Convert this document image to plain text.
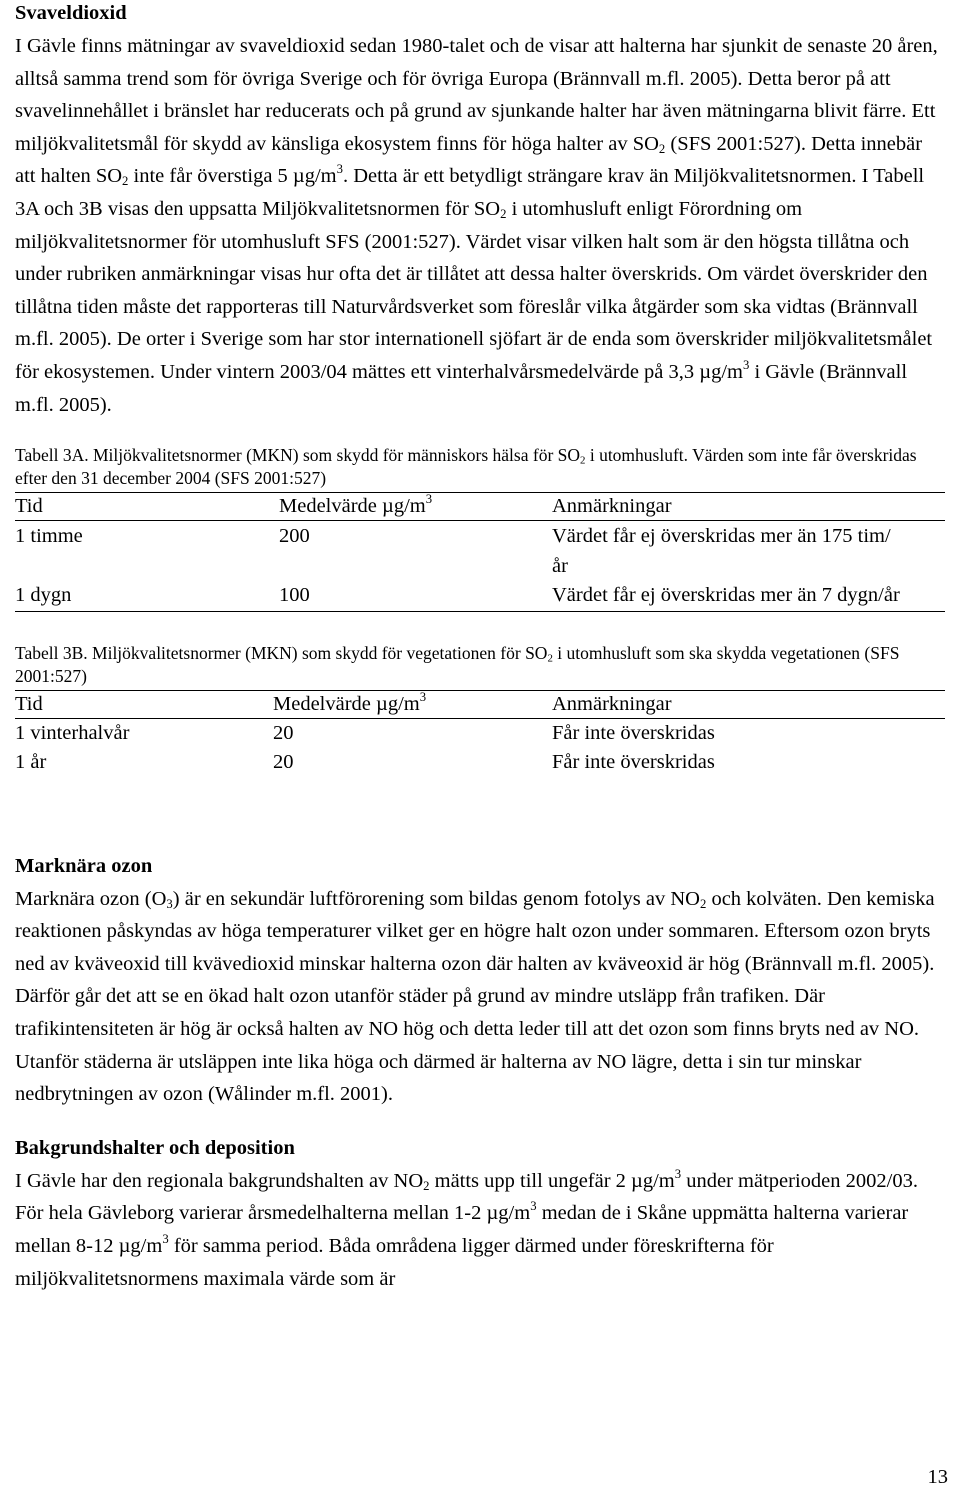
Svaveldioxid

I Gävle finns mätningar av svaveldioxid sedan 1980-talet och de visar att halterna har sjunkit de senaste 20 åren, alltså samma trend som för övriga Sverige och för övriga Europa (Brännvall m.fl. 2005). Detta beror på att svavelinnehållet i bränslet har reducerats och på grund av sjunkande halter har även mätningarna blivit färre. Ett miljökvalitetsmål för skydd av känsliga ekosystem finns för höga halter av $SO_2$ (SFS 2001:527). Detta innebär att halten $SO_2$ inte får överstiga 5 $\mu g/m^3$. Detta är ett betydligt strängare krav än Miljökvalitetsnormen. I Tabell 3A och 3B visas den uppsatta Miljökvalitetsnormen för $SO_2$ i utomhusluft enligt Förordning om miljökvalitetsnormer för utomhusluft SFS (2001:527). Värdet visar vilken halt som är den högsta tillåtna och under rubriken anmärkningar visas hur ofta det är tillåtet att dessa halter överskrids. Om värdet överskrider den tillåtna tiden måste det rapporteras till Naturvårdsverket som föreslår vilka åtgärder som ska vidtas (Brännvall m.fl. 2005). De orter i Sverige som har stor internationell sjöfart är de enda som överskrider miljökvalitetsmålet för ekosystemen. Under vintern 2003/04 mättes ett vinterhalvårsmedelvärde på 3,3 $\mu g/m^3$ i Gävle (Brännvall m.fl. 2005).

Tabell 3A. Miljökvalitetsnormer (MKN) som skydd för människors hälsa för $SO_2$ i utomhusluft. Värden som inte får överskridas efter den 31 december 2004 (SFS 2001:527)

Tid	Medelvärde $\mu g/m^3$	Anmärkningar
1 timme	200	Värdet får ej överskridas mer än 175 tim/år
1 dygn	100	Värdet får ej överskridas mer än 7 dygn/år

Tabell 3B. Miljökvalitetsnormer (MKN) som skydd för vegetationen för $SO_2$ i utomhusluft som ska skydda vegetationen (SFS 2001:527)

Tid	Medelvärde $\mu g/m^3$	Anmärkningar
1 vinterhalvår	20	Får inte överskridas
1 år	20	Får inte överskridas
Marknära ozon

Marknära ozon $(O_3)$ är en sekundär luftförorening som bildas genom fotolys av $NO_2$ och kolväten. Den kemiska reaktionen påskyndas av höga temperaturer vilket ger en högre halt ozon under sommaren. Eftersom ozon bryts ned av kväveoxid till kvävedioxid minskar halterna ozon där halten av kväveoxid är hög (Brännvall m.fl. 2005). Därför går det att se en ökad halt ozon utanför städer på grund av mindre utsläpp från trafiken. Där trafikintensiteten är hög är också halten av NO hög och detta leder till att det ozon som finns bryts ned av NO. Utanför städerna är utsläppen inte lika höga och därmed är halterna av NO lägre, detta i sin tur minskar nedbrytningen av ozon (Wålinder m.fl. 2001).

Bakgrundshalter och deposition

I Gävle har den regionala bakgrundshalten av $NO_2$ mätts upp till ungefär 2 $\mu g/m^3$ under mätperioden 2002/03. För hela Gävleborg varierar årsmedelhalterna mellan 1-2 $\mu g/m^3$ medan de i Skåne uppmätta halterna varierar mellan 8-12 $\mu g/m^3$ för samma period. Båda områdena ligger därmed under föreskrifterna för miljökvalitetsnormens maximala värde som är

13
